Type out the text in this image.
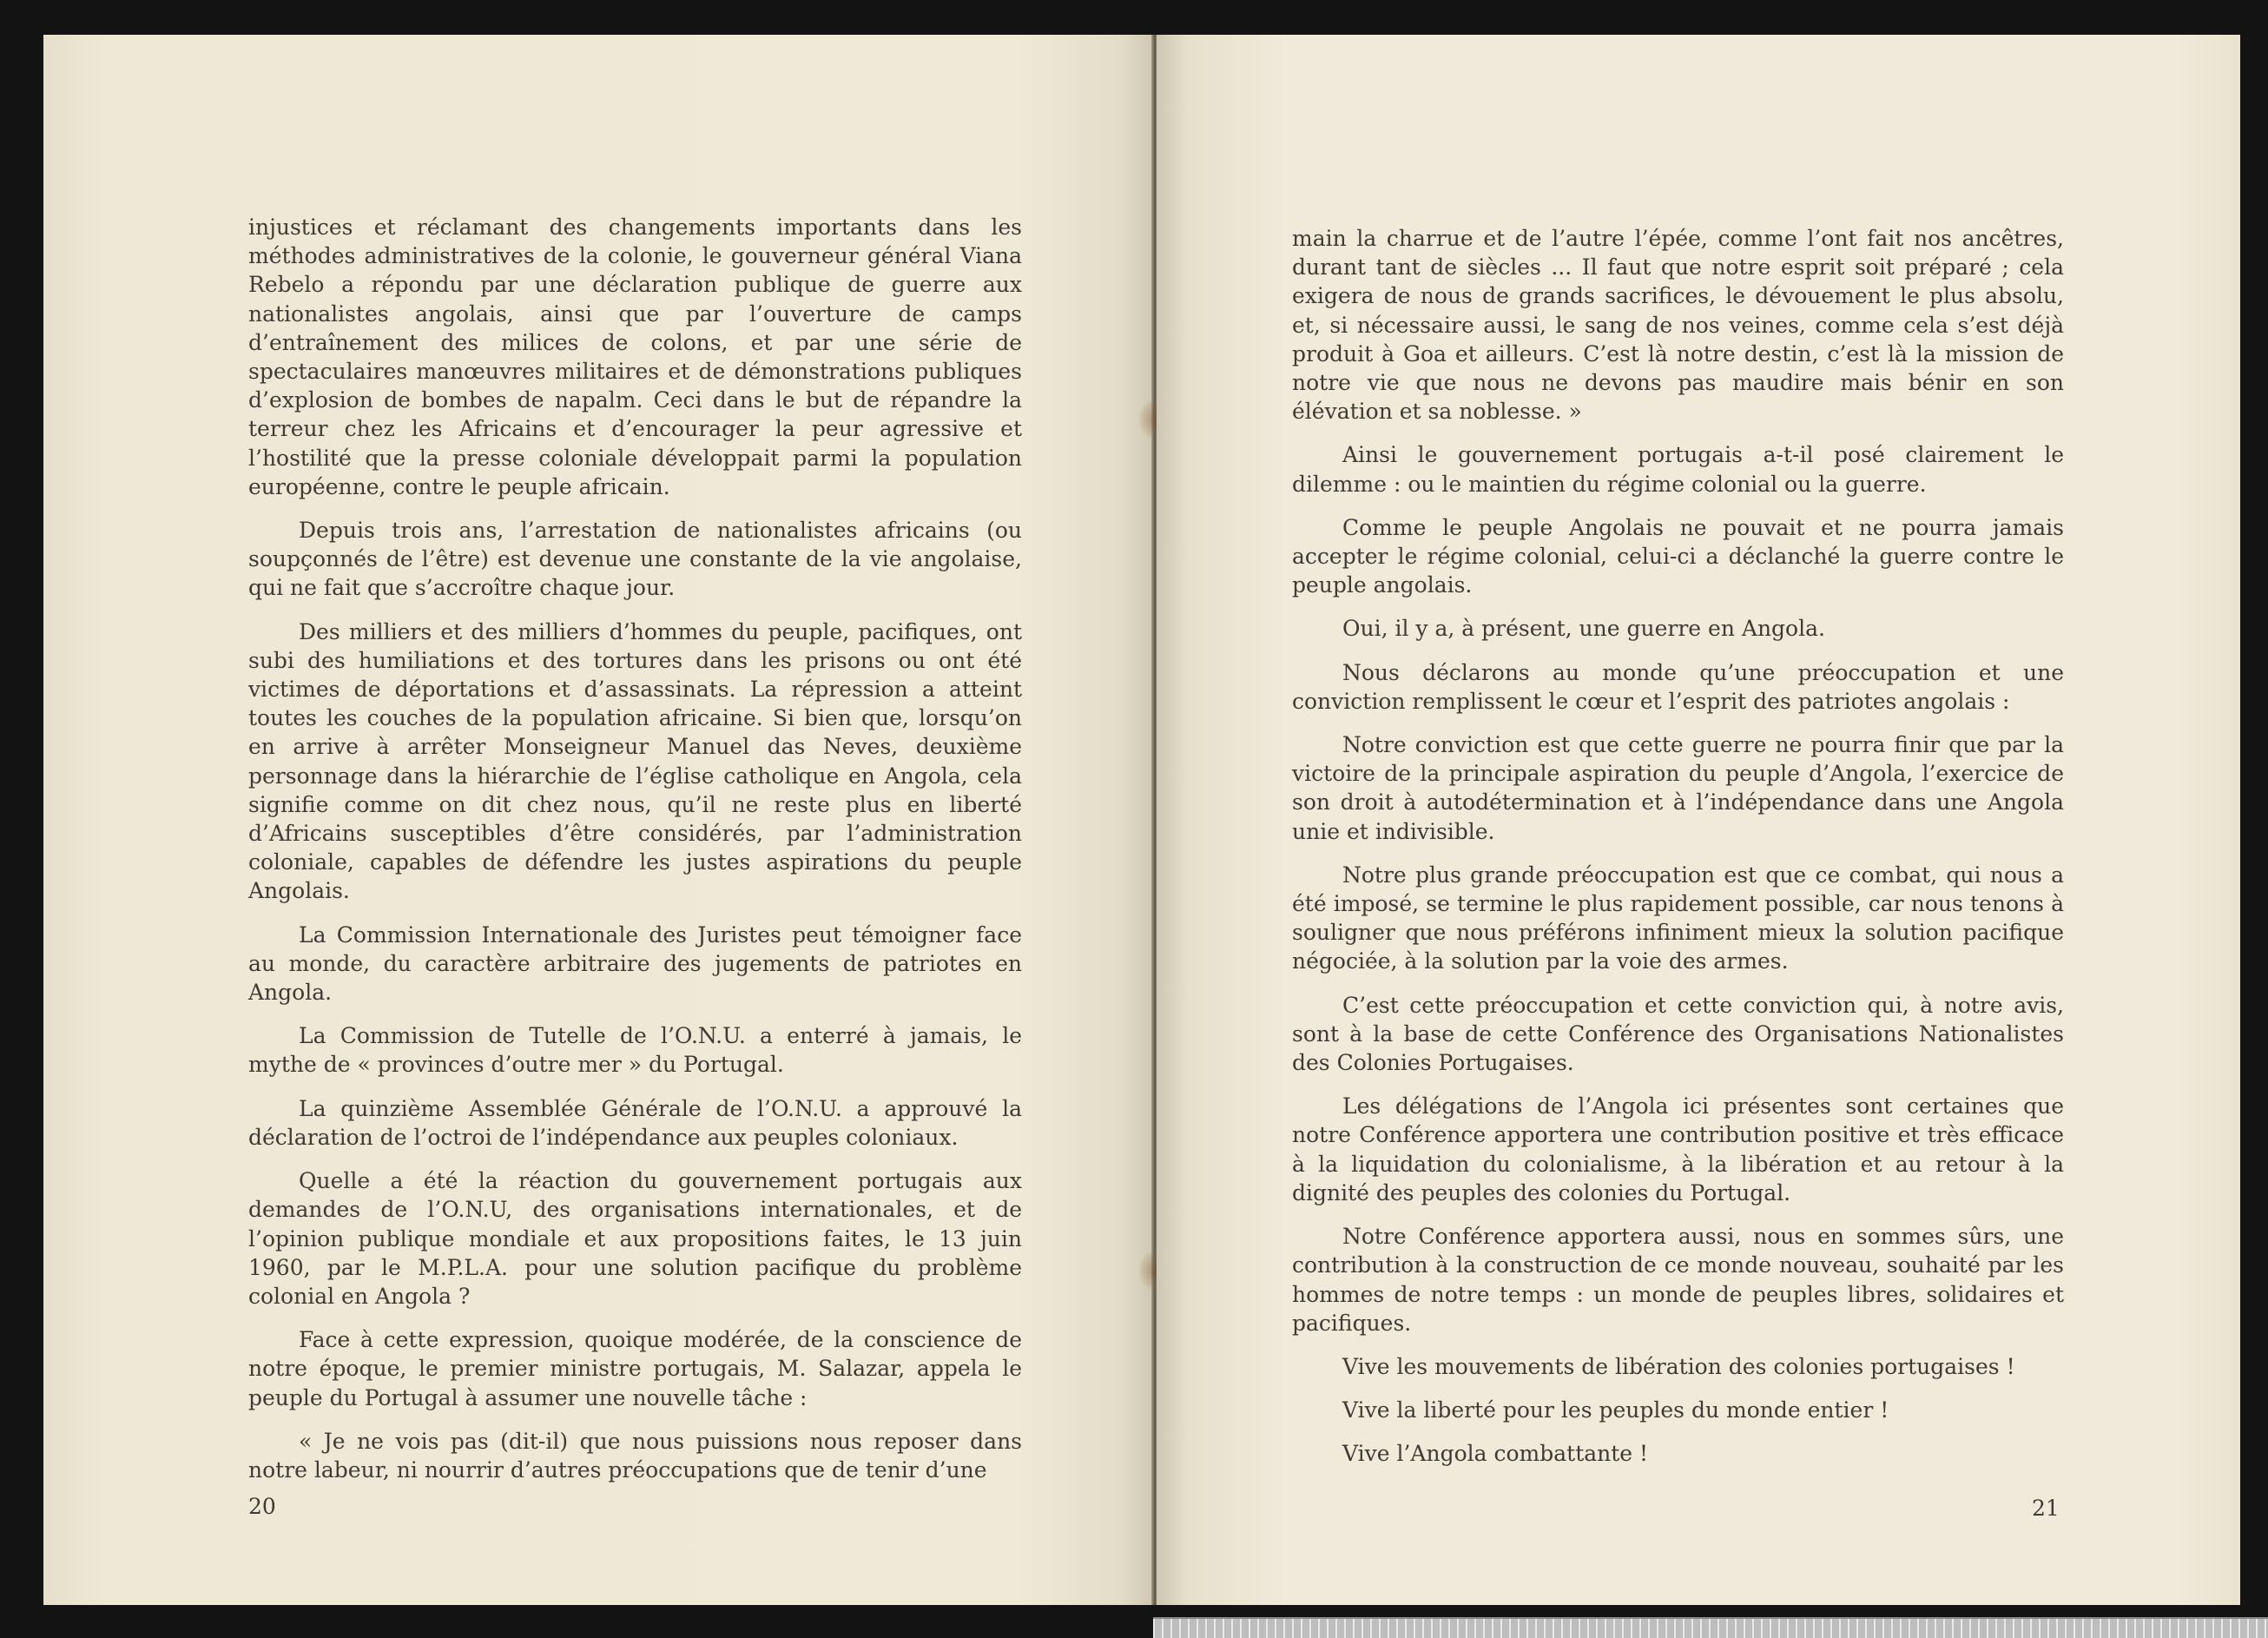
injustices et réclamant des changements importants dans les méthodes administratives de la colonie, le gouverneur général Viana Rebelo a répondu par une déclaration publique de guerre aux nationalistes angolais, ainsi que par l’ouverture de camps d’entraînement des milices de colons, et par une série de spectaculaires manœuvres militaires et de démonstrations publiques d’explosion de bombes de napalm. Ceci dans le but de répandre la terreur chez les Africains et d’encourager la peur agressive et l’hostilité que la presse coloniale développait parmi la population européenne, contre le peuple africain.

Depuis trois ans, l’arrestation de nationalistes africains (ou soupçonnés de l’être) est devenue une constante de la vie angolaise, qui ne fait que s’accroître chaque jour.

Des milliers et des milliers d’hommes du peuple, pacifiques, ont subi des humiliations et des tortures dans les prisons ou ont été victimes de déportations et d’assassinats. La répression a atteint toutes les couches de la population africaine. Si bien que, lorsqu’on en arrive à arrêter Monseigneur Manuel das Neves, deuxième personnage dans la hiérarchie de l’église catholique en Angola, cela signifie comme on dit chez nous, qu’il ne reste plus en liberté d’Africains susceptibles d’être considérés, par l’administration coloniale, capables de défendre les justes aspirations du peuple Angolais.

La Commission Internationale des Juristes peut témoigner face au monde, du caractère arbitraire des jugements de patriotes en Angola.

La Commission de Tutelle de l’O.N.U. a enterré à jamais, le mythe de « provinces d’outre mer » du Portugal.

La quinzième Assemblée Générale de l’O.N.U. a approuvé la déclaration de l’octroi de l’indépendance aux peuples coloniaux.

Quelle a été la réaction du gouvernement portugais aux demandes de l’O.N.U, des organisations internationales, et de l’opinion publique mondiale et aux propositions faites, le 13 juin 1960, par le M.P.L.A. pour une solution pacifique du problème colonial en Angola ?

Face à cette expression, quoique modérée, de la conscience de notre époque, le premier ministre portugais, M. Salazar, appela le peuple du Portugal à assumer une nouvelle tâche :

« Je ne vois pas (dit-il) que nous puissions nous reposer dans notre labeur, ni nourrir d’autres préoccupations que de tenir d’une

20

main la charrue et de l’autre l’épée, comme l’ont fait nos ancêtres, durant tant de siècles ... Il faut que notre esprit soit préparé ; cela exigera de nous de grands sacrifices, le dévouement le plus absolu, et, si nécessaire aussi, le sang de nos veines, comme cela s’est déjà produit à Goa et ailleurs. C’est là notre destin, c’est là la mission de notre vie que nous ne devons pas maudire mais bénir en son élévation et sa noblesse. »

Ainsi le gouvernement portugais a-t-il posé clairement le dilemme : ou le maintien du régime colonial ou la guerre.

Comme le peuple Angolais ne pouvait et ne pourra jamais accepter le régime colonial, celui-ci a déclanché la guerre contre le peuple angolais.

Oui, il y a, à présent, une guerre en Angola.

Nous déclarons au monde qu’une préoccupation et une conviction remplissent le cœur et l’esprit des patriotes angolais :

Notre conviction est que cette guerre ne pourra finir que par la victoire de la principale aspiration du peuple d’Angola, l’exercice de son droit à autodétermination et à l’indépendance dans une Angola unie et indivisible.

Notre plus grande préoccupation est que ce combat, qui nous a été imposé, se termine le plus rapidement possible, car nous tenons à souligner que nous préférons infiniment mieux la solution pacifique négociée, à la solution par la voie des armes.

C’est cette préoccupation et cette conviction qui, à notre avis, sont à la base de cette Conférence des Organisations Nationalistes des Colonies Portugaises.

Les délégations de l’Angola ici présentes sont certaines que notre Conférence apportera une contribution positive et très efficace à la liquidation du colonialisme, à la libération et au retour à la dignité des peuples des colonies du Portugal.

Notre Conférence apportera aussi, nous en sommes sûrs, une contribution à la construction de ce monde nouveau, souhaité par les hommes de notre temps : un monde de peuples libres, solidaires et pacifiques.

Vive les mouvements de libération des colonies portugaises !

Vive la liberté pour les peuples du monde entier !

Vive l’Angola combattante !

21
